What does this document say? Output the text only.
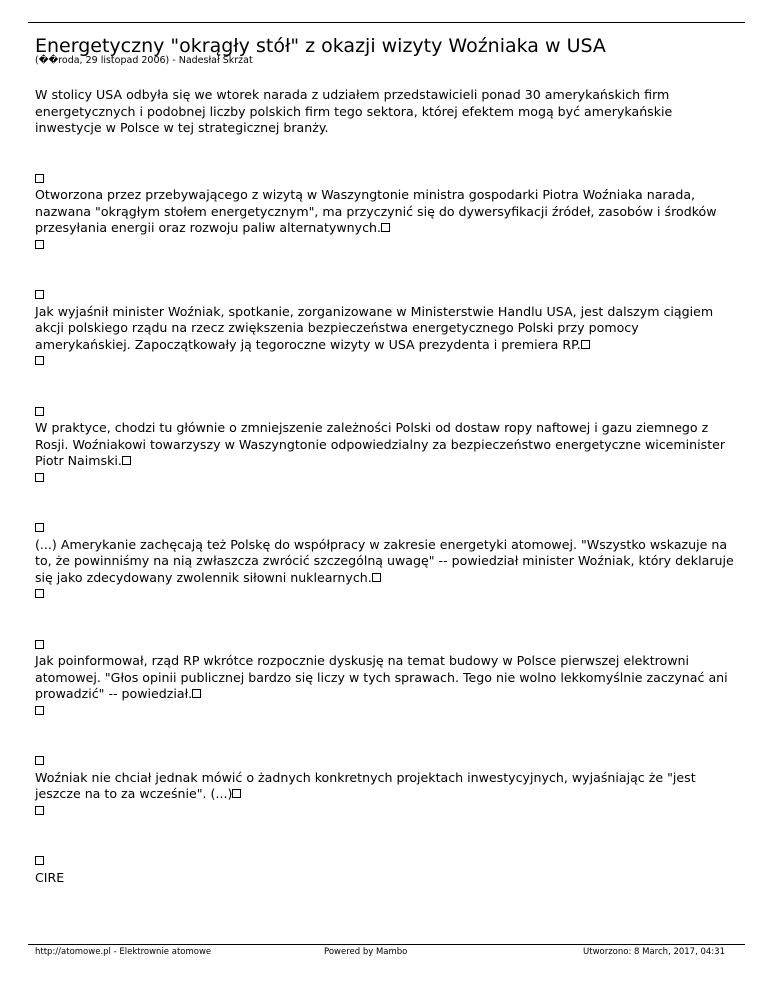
Energetyczny "okrągły stół" z okazji wizyty Woźniaka w USA
(��roda, 29 listopad 2006) - Nadesłał Skrzat

W stolicy USA odbyła się we wtorek narada z udziałem przedstawicieli ponad 30 amerykańskich firm energetycznych i podobnej liczby polskich firm tego sektora, której efektem mogą być amerykańskie inwestycje w Polsce w tej strategicznej branży.

Otworzona przez przebywającego z wizytą w Waszyngtonie ministra gospodarki Piotra Woźniaka narada, nazwana "okrągłym stołem energetycznym", ma przyczynić się do dywersyfikacji źródeł, zasobów i środków przesyłania energii oraz rozwoju paliw alternatywnych.

Jak wyjaśnił minister Woźniak, spotkanie, zorganizowane w Ministerstwie Handlu USA, jest dalszym ciągiem akcji polskiego rządu na rzecz zwiększenia bezpieczeństwa energetycznego Polski przy pomocy amerykańskiej. Zapoczątkowały ją tegoroczne wizyty w USA prezydenta i premiera RP.

W praktyce, chodzi tu głównie o zmniejszenie zależności Polski od dostaw ropy naftowej i gazu ziemnego z Rosji. Woźniakowi towarzyszy w Waszyngtonie odpowiedzialny za bezpieczeństwo energetyczne wiceminister Piotr Naimski.

(...) Amerykanie zachęcają też Polskę do współpracy w zakresie energetyki atomowej. "Wszystko wskazuje na to, że powinniśmy na nią zwłaszcza zwrócić szczególną uwagę" -- powiedział minister Woźniak, który deklaruje się jako zdecydowany zwolennik siłowni nuklearnych.

Jak poinformował, rząd RP wkrótce rozpocznie dyskusję na temat budowy w Polsce pierwszej elektrowni atomowej. "Głos opinii publicznej bardzo się liczy w tych sprawach. Tego nie wolno lekkomyślnie zaczynać ani prowadzić" -- powiedział.

Woźniak nie chciał jednak mówić o żadnych konkretnych projektach inwestycyjnych, wyjaśniając że "jest jeszcze na to za wcześnie". (...)

CIRE

http://atomowe.pl - Elektrownie atomowe	Powered by Mambo	Utworzono: 8 March, 2017, 04:31
